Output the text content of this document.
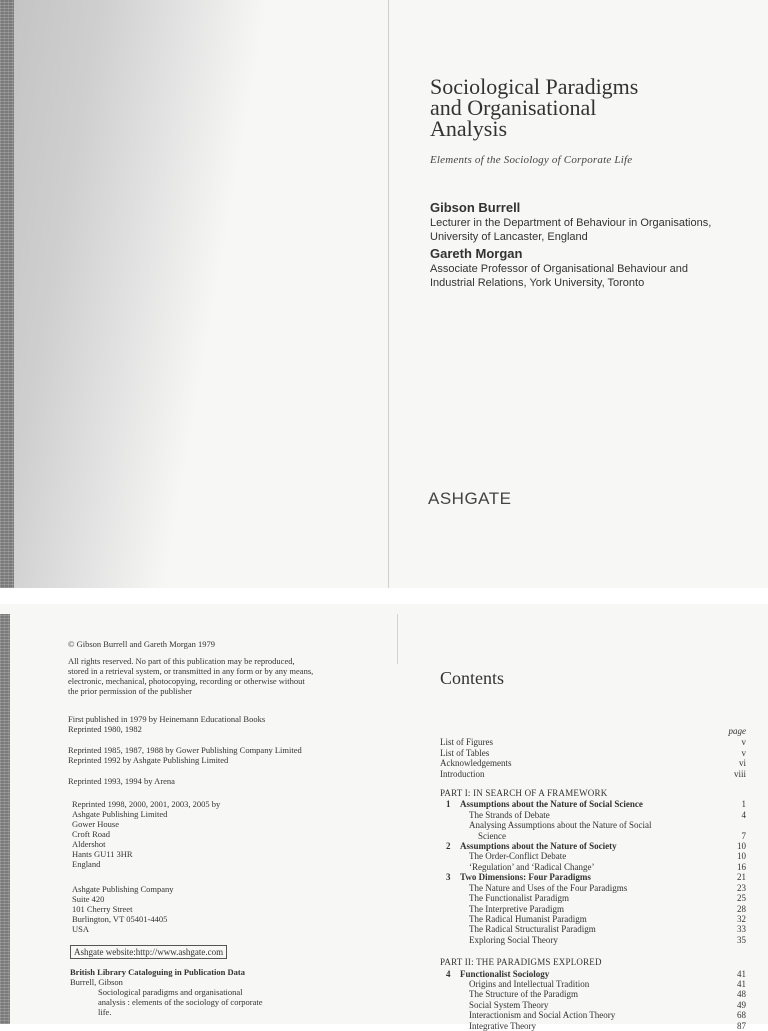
Sociological Paradigms
and Organisational
Analysis
Elements of the Sociology of Corporate Life
Gibson Burrell
Lecturer in the Department of Behaviour in Organisations,
University of Lancaster, England
Gareth Morgan
Associate Professor of Organisational Behaviour and
Industrial Relations, York University, Toronto
ASHGATE
© Gibson Burrell and Gareth Morgan 1979
All rights reserved. No part of this publication may be reproduced,
stored in a retrieval system, or transmitted in any form or by any means,
electronic, mechanical, photocopying, recording or otherwise without
the prior permission of the publisher
First published in 1979 by Heinemann Educational Books
Reprinted 1980, 1982
Reprinted 1985, 1987, 1988 by Gower Publishing Company Limited
Reprinted 1992 by Ashgate Publishing Limited
Reprinted 1993, 1994 by Arena
Reprinted 1998, 2000, 2001, 2003, 2005 by
Ashgate Publishing Limited
Gower House
Croft Road
Aldershot
Hants GU11 3HR
England
Ashgate Publishing Company
Suite 420
101 Cherry Street
Burlington, VT 05401-4405
USA
Ashgate website:http://www.ashgate.com
British Library Cataloguing in Publication Data
Burrell, Gibson
Sociological paradigms and organisational
analysis : elements of the sociology of corporate
life.
Contents
page
List of Figures	v
List of Tables	v
Acknowledgements	vi
Introduction	viii
PART I: IN SEARCH OF A FRAMEWORK
1 Assumptions about the Nature of Social Science	1
The Strands of Debate	4
Analysing Assumptions about the Nature of Social
Science	7
2 Assumptions about the Nature of Society	10
The Order-Conflict Debate	10
‘Regulation’ and ‘Radical Change’	16
3 Two Dimensions: Four Paradigms	21
The Nature and Uses of the Four Paradigms	23
The Functionalist Paradigm	25
The Interpretive Paradigm	28
The Radical Humanist Paradigm	32
The Radical Structuralist Paradigm	33
Exploring Social Theory	35
PART II: THE PARADIGMS EXPLORED
4 Functionalist Sociology	41
Origins and Intellectual Tradition	41
The Structure of the Paradigm	48
Social System Theory	49
Interactionism and Social Action Theory	68
Integrative Theory	87
